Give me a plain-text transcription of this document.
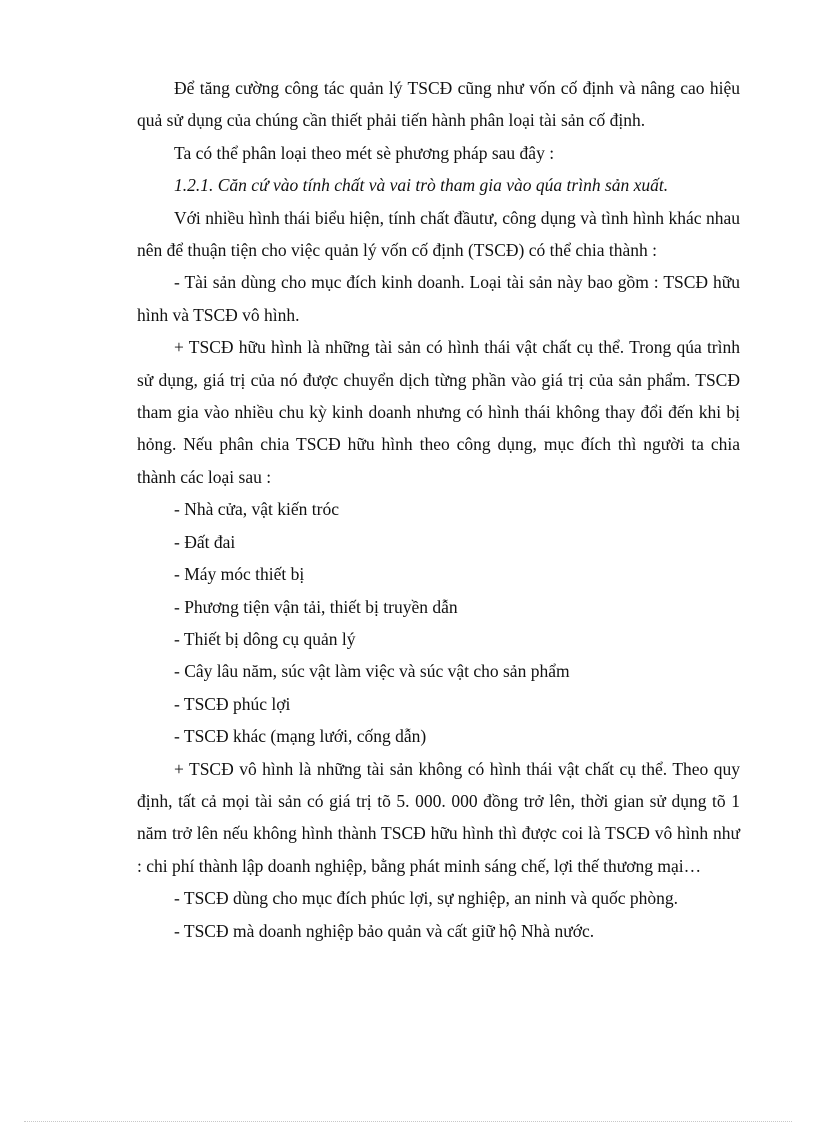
Để tăng cường công tác quản lý TSCĐ cũng như vốn cố định và nâng cao hiệu quả sử dụng của chúng cần thiết phải tiến hành phân loại tài sản cố định.

Ta có thể phân loại theo mét sè phương pháp sau đây :

1.2.1. Căn cứ vào tính chất và vai trò tham gia vào qúa trình sản xuất.

Với nhiều hình thái biểu hiện, tính chất đầutư, công dụng và tình hình khác nhau nên để thuận tiện cho việc quản lý vốn cố định (TSCĐ) có thể chia thành :

- Tài sản dùng cho mục đích kinh doanh. Loại tài sản này bao gồm : TSCĐ hữu hình và TSCĐ vô hình.

+ TSCĐ hữu hình là những tài sản có hình thái vật chất cụ thể. Trong qúa trình sử dụng, giá trị của nó được chuyển dịch từng phần vào giá trị của sản phẩm. TSCĐ tham gia vào nhiều chu kỳ kinh doanh nhưng có hình thái không thay đổi đến khi bị hỏng. Nếu phân chia TSCĐ hữu hình theo công dụng, mục đích thì người ta chia thành các loại sau :

- Nhà cửa, vật kiến tróc

- Đất đai

- Máy móc thiết bị

- Phương tiện vận tải, thiết bị truyền dẫn

- Thiết bị dông cụ quản lý

- Cây lâu năm, súc vật làm việc và súc vật cho sản phẩm

- TSCĐ phúc lợi

- TSCĐ khác (mạng lưới, cống dẫn)

+ TSCĐ vô hình là những tài sản không có hình thái vật chất cụ thể. Theo quy định, tất cả mọi tài sản có giá trị tõ 5. 000. 000 đồng trở lên, thời gian sử dụng tõ 1 năm trở lên nếu không hình thành TSCĐ hữu hình thì được coi là TSCĐ vô hình như : chi phí thành lập doanh nghiệp, bằng phát minh sáng chế, lợi thế thương mại…

- TSCĐ dùng cho mục đích phúc lợi, sự nghiệp, an ninh và quốc phòng.

- TSCĐ mà doanh nghiệp bảo quản và cất giữ hộ Nhà nước.
